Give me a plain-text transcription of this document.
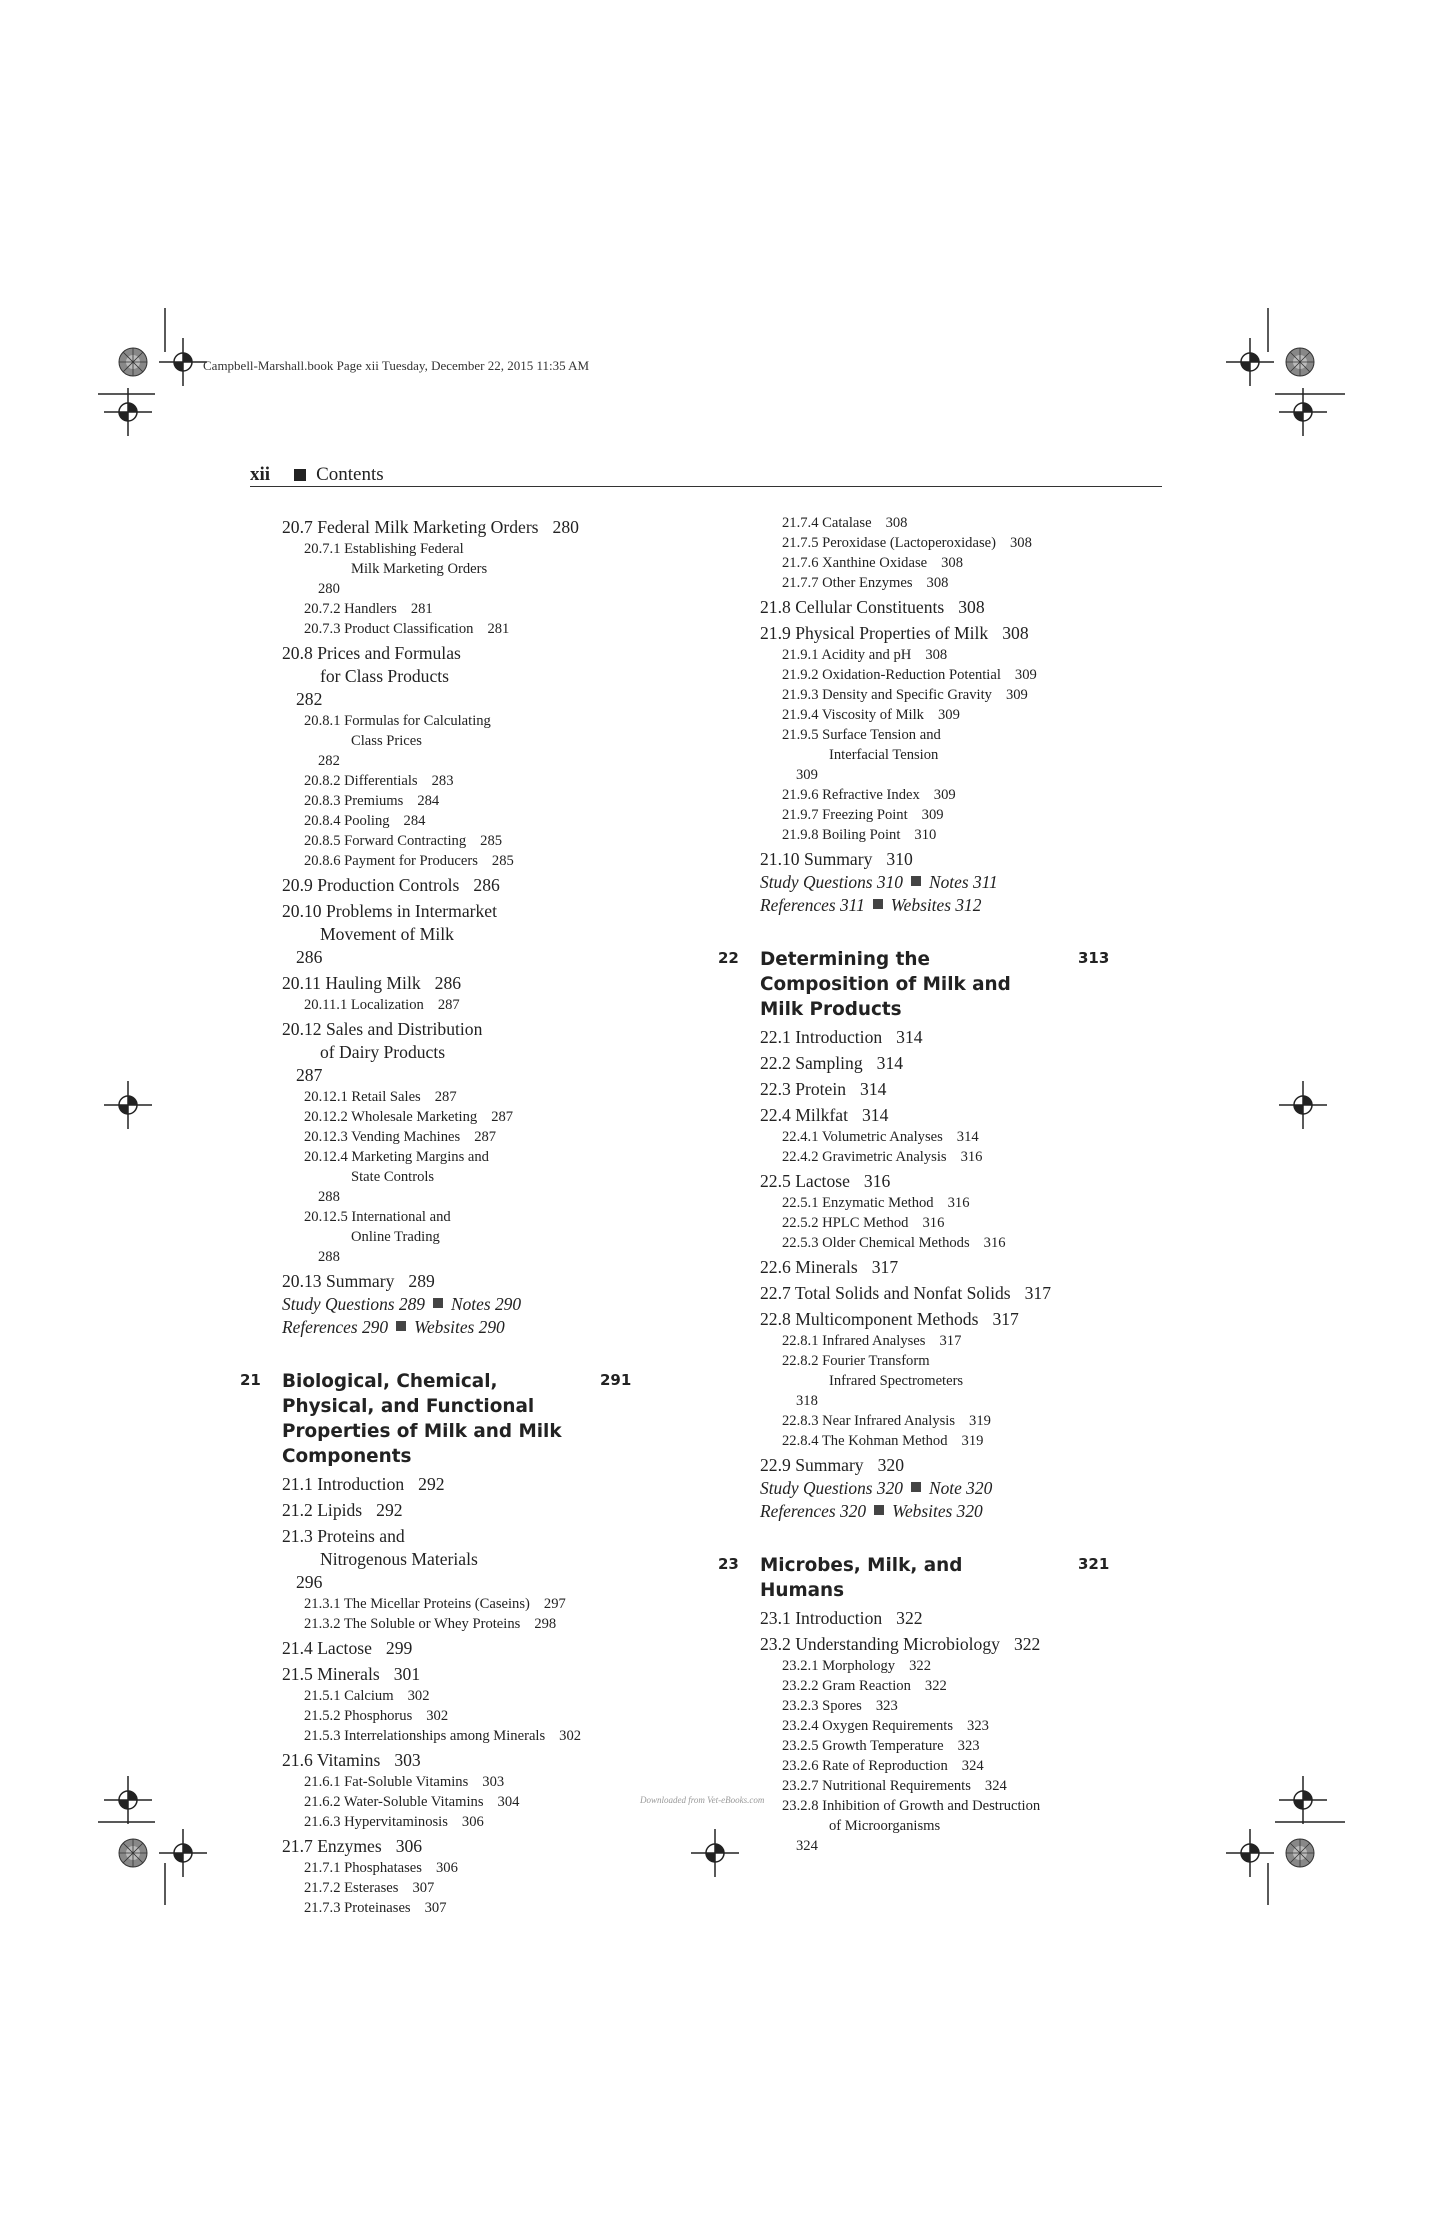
Campbell-Marshall.book Page xii Tuesday, December 22, 2015 11:35 AM
xii Contents
20.7 Federal Milk Marketing Orders 280
20.7.1 Establishing Federal
Milk Marketing Orders
280
20.7.2 Handlers 281
20.7.3 Product Classification 281
20.8 Prices and Formulas
for Class Products
282
20.8.1 Formulas for Calculating
Class Prices
282
20.8.2 Differentials 283
20.8.3 Premiums 284
20.8.4 Pooling 284
20.8.5 Forward Contracting 285
20.8.6 Payment for Producers 285
20.9 Production Controls 286
20.10 Problems in Intermarket
Movement of Milk
286
20.11 Hauling Milk 286
20.11.1 Localization 287
20.12 Sales and Distribution
of Dairy Products
287
20.12.1 Retail Sales 287
20.12.2 Wholesale Marketing 287
20.12.3 Vending Machines 287
20.12.4 Marketing Margins and
State Controls
288
20.12.5 International and
Online Trading
288
20.13 Summary 289
Study Questions 289 Notes 290
References 290 Websites 290
21 Biological, Chemical, Physical, and Functional Properties of Milk and Milk Components
291
21.1 Introduction 292
21.2 Lipids 292
21.3 Proteins and
Nitrogenous Materials
296
21.3.1 The Micellar Proteins (Caseins) 297
21.3.2 The Soluble or Whey Proteins 298
21.4 Lactose 299
21.5 Minerals 301
21.5.1 Calcium 302
21.5.2 Phosphorus 302
21.5.3 Interrelationships among Minerals 302
21.6 Vitamins 303
21.6.1 Fat-Soluble Vitamins 303
21.6.2 Water-Soluble Vitamins 304
21.6.3 Hypervitaminosis 306
21.7 Enzymes 306
21.7.1 Phosphatases 306
21.7.2 Esterases 307
21.7.3 Proteinases 307
21.7.4 Catalase 308
21.7.5 Peroxidase (Lactoperoxidase) 308
21.7.6 Xanthine Oxidase 308
21.7.7 Other Enzymes 308
21.8 Cellular Constituents 308
21.9 Physical Properties of Milk 308
21.9.1 Acidity and pH 308
21.9.2 Oxidation-Reduction Potential 309
21.9.3 Density and Specific Gravity 309
21.9.4 Viscosity of Milk 309
21.9.5 Surface Tension and
Interfacial Tension
309
21.9.6 Refractive Index 309
21.9.7 Freezing Point 309
21.9.8 Boiling Point 310
21.10 Summary 310
Study Questions 310 Notes 311
References 311 Websites 312
22 Determining the Composition of Milk and Milk Products
313
22.1 Introduction 314
22.2 Sampling 314
22.3 Protein 314
22.4 Milkfat 314
22.4.1 Volumetric Analyses 314
22.4.2 Gravimetric Analysis 316
22.5 Lactose 316
22.5.1 Enzymatic Method 316
22.5.2 HPLC Method 316
22.5.3 Older Chemical Methods 316
22.6 Minerals 317
22.7 Total Solids and Nonfat Solids 317
22.8 Multicomponent Methods 317
22.8.1 Infrared Analyses 317
22.8.2 Fourier Transform
Infrared Spectrometers
318
22.8.3 Near Infrared Analysis 319
22.8.4 The Kohman Method 319
22.9 Summary 320
Study Questions 320 Note 320
References 320 Websites 320
23 Microbes, Milk, and Humans
321
23.1 Introduction 322
23.2 Understanding Microbiology 322
23.2.1 Morphology 322
23.2.2 Gram Reaction 322
23.2.3 Spores 323
23.2.4 Oxygen Requirements 323
23.2.5 Growth Temperature 323
23.2.6 Rate of Reproduction 324
23.2.7 Nutritional Requirements 324
23.2.8 Inhibition of Growth and Destruction
of Microorganisms
324
Downloaded from Vet-eBooks.com
